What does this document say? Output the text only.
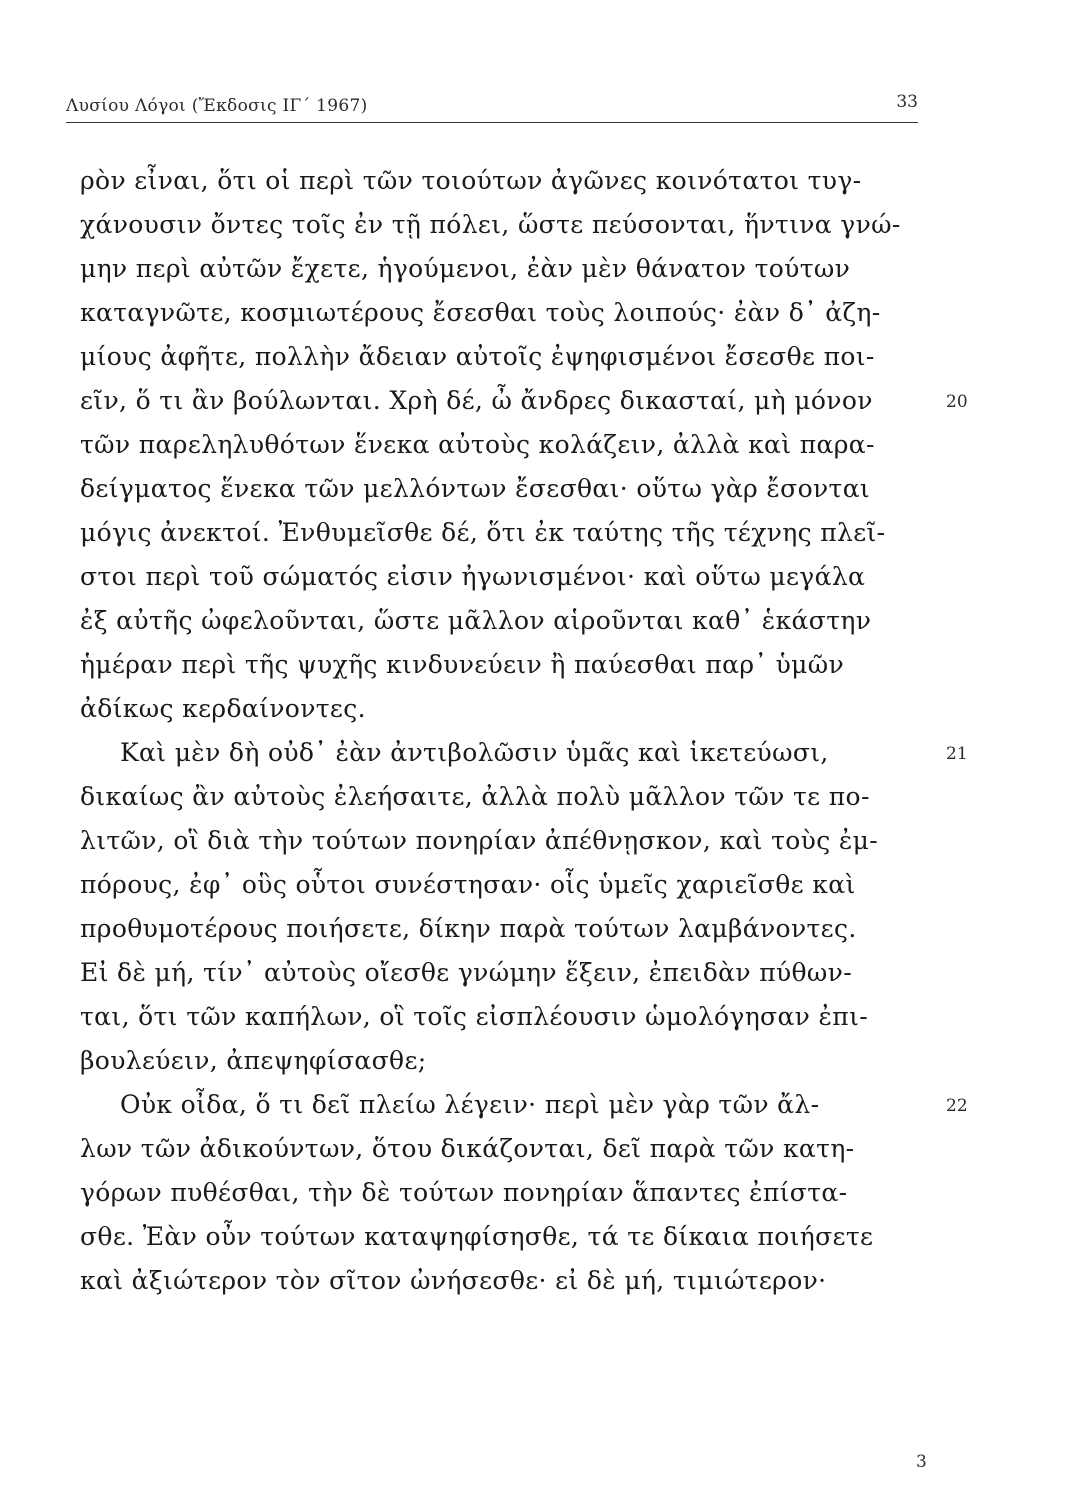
Λυσίου Λόγοι (Ἔκδοσις ΙΓ΄ 1967)	33
ρὸν εἶναι, ὅτι οἱ περὶ τῶν τοιούτων ἀγῶνες κοινότατοι τυγ-
χάνουσιν ὄντες τοῖς ἐν τῇ πόλει, ὥστε πεύσονται, ἥντινα γνώ-
μην περὶ αὐτῶν ἔχετε, ἡγούμενοι, ἐὰν μὲν θάνατον τούτων
καταγνῶτε, κοσμιωτέρους ἔσεσθαι τοὺς λοιπούς· ἐὰν δ᾽ ἀζη-
μίους ἀφῆτε, πολλὴν ἄδειαν αὐτοῖς ἐψηφισμένοι ἔσεσθε ποι-
εῖν, ὅ τι ἂν βούλωνται. Χρὴ δέ, ὦ ἄνδρες δικασταί, μὴ μόνον
τῶν παρεληλυθότων ἕνεκα αὐτοὺς κολάζειν, ἀλλὰ καὶ παρα-
δείγματος ἕνεκα τῶν μελλόντων ἔσεσθαι· οὕτω γὰρ ἔσονται
μόγις ἀνεκτοί. Ἐνθυμεῖσθε δέ, ὅτι ἐκ ταύτης τῆς τέχνης πλεῖ-
στοι περὶ τοῦ σώματός εἰσιν ἠγωνισμένοι· καὶ οὕτω μεγάλα
ἐξ αὐτῆς ὠφελοῦνται, ὥστε μᾶλλον αἱροῦνται καθ᾽ ἑκάστην
ἡμέραν περὶ τῆς ψυχῆς κινδυνεύειν ἢ παύεσθαι παρ᾽ ὑμῶν
ἀδίκως κερδαίνοντες.
Καὶ μὲν δὴ οὐδ᾽ ἐὰν ἀντιβολῶσιν ὑμᾶς καὶ ἱκετεύωσι,
δικαίως ἂν αὐτοὺς ἐλεήσαιτε, ἀλλὰ πολὺ μᾶλλον τῶν τε πο-
λιτῶν, οἳ διὰ τὴν τούτων πονηρίαν ἀπέθνῃσκον, καὶ τοὺς ἐμ-
πόρους, ἐφ᾽ οὓς οὗτοι συνέστησαν· οἷς ὑμεῖς χαριεῖσθε καὶ
προθυμοτέρους ποιήσετε, δίκην παρὰ τούτων λαμβάνοντες.
Εἰ δὲ μή, τίν᾽ αὐτοὺς οἴεσθε γνώμην ἕξειν, ἐπειδὰν πύθων-
ται, ὅτι τῶν καπήλων, οἳ τοῖς εἰσπλέουσιν ὡμολόγησαν ἐπι-
βουλεύειν, ἀπεψηφίσασθε;
Οὐκ οἶδα, ὅ τι δεῖ πλείω λέγειν· περὶ μὲν γὰρ τῶν ἄλ-
λων τῶν ἀδικούντων, ὅτου δικάζονται, δεῖ παρὰ τῶν κατη-
γόρων πυθέσθαι, τὴν δὲ τούτων πονηρίαν ἅπαντες ἐπίστα-
σθε. Ἐὰν οὖν τούτων καταψηφίσησθε, τά τε δίκαια ποιήσετε
καὶ ἀξιώτερον τὸν σῖτον ὠνήσεσθε· εἰ δὲ μή, τιμιώτερον·
20
21
22
3
